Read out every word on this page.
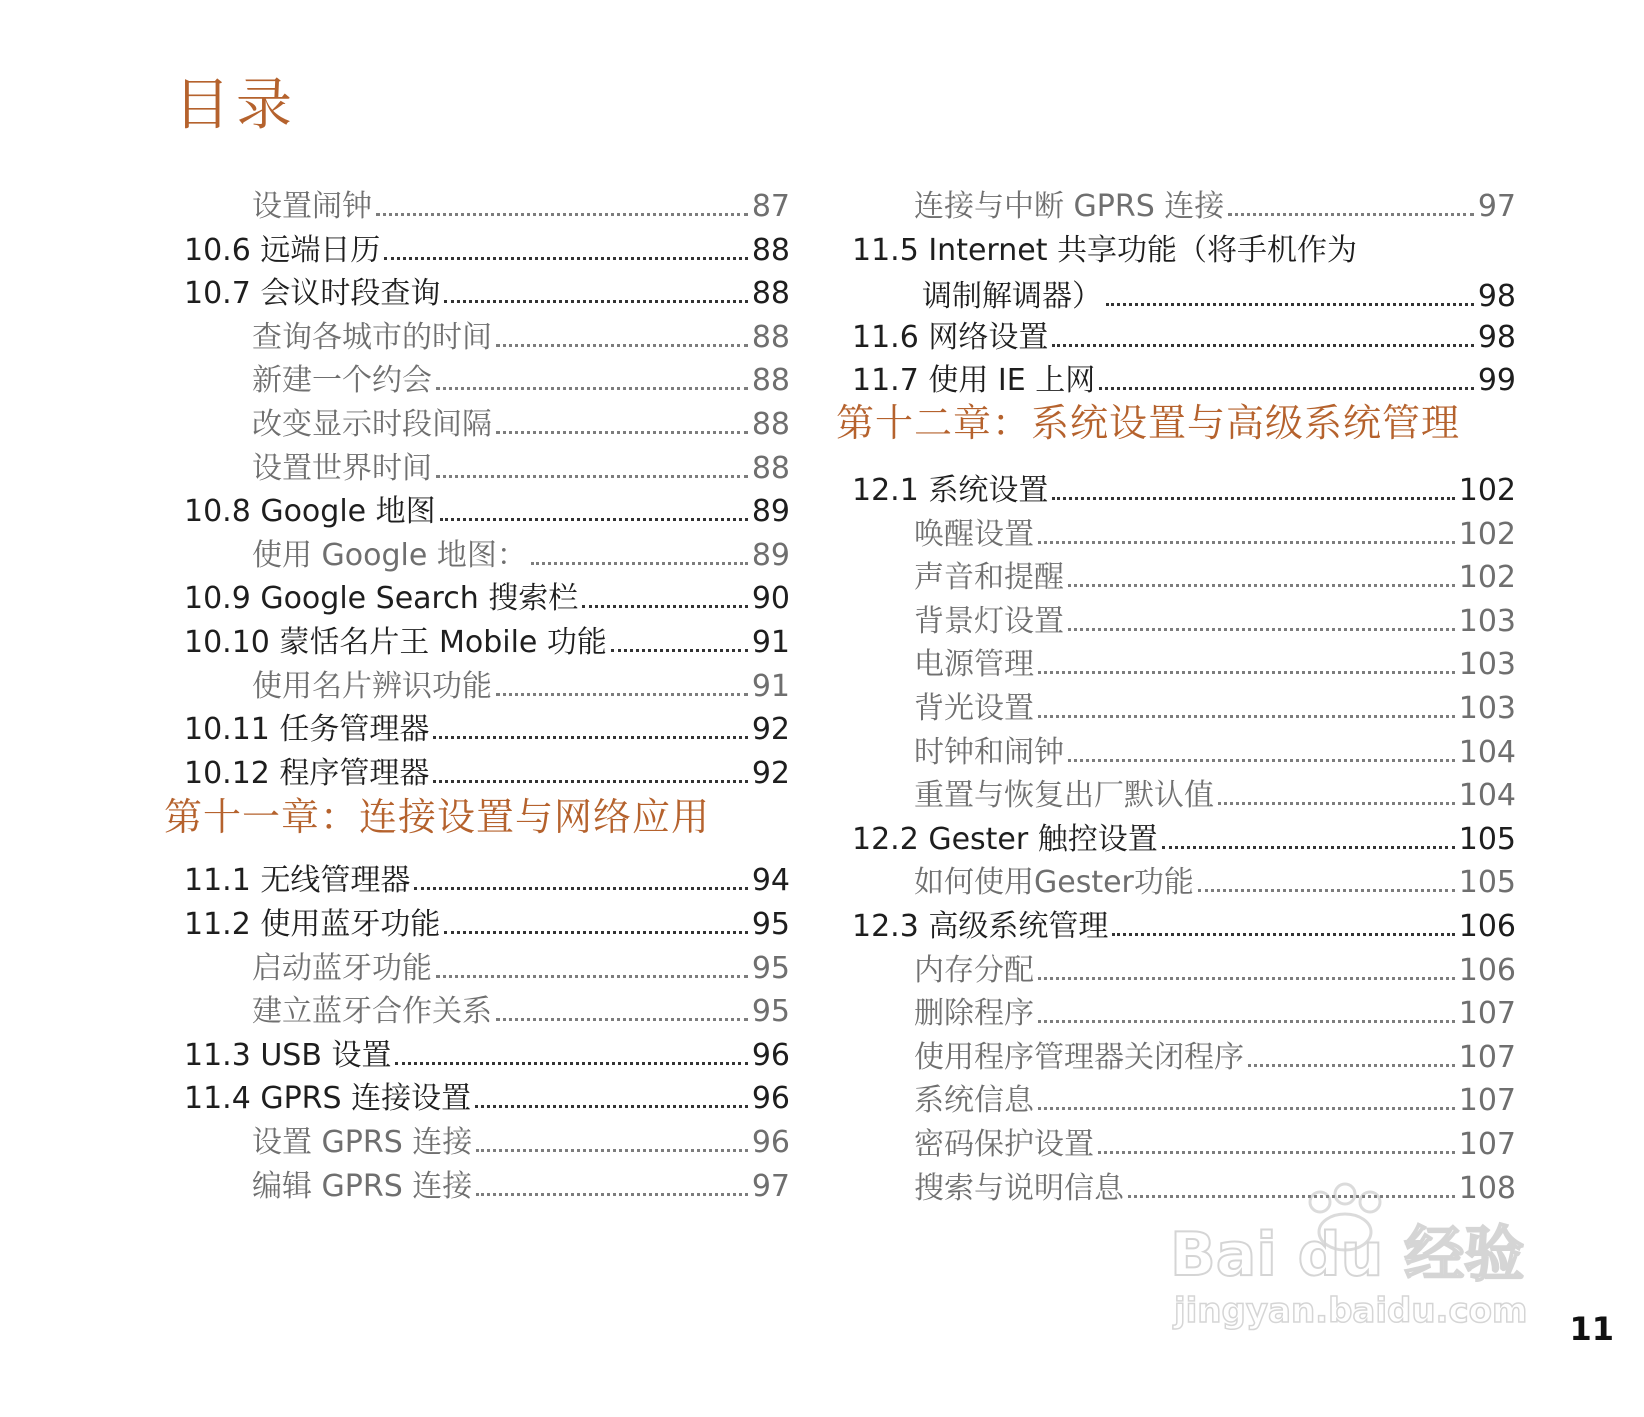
目录
设置闹钟	87
10.6 远端日历	88
10.7 会议时段查询	88
查询各城市的时间	88
新建一个约会	88
改变显示时段间隔	88
设置世界时间	88
10.8 Google 地图	89
使用 Google 地图：	89
10.9 Google Search 搜索栏	90
10.10 蒙恬名片王 Mobile 功能	91
使用名片辨识功能	91
10.11 任务管理器	92
10.12 程序管理器	92
第十一章：连接设置与网络应用
11.1 无线管理器	94
11.2 使用蓝牙功能	95
启动蓝牙功能	95
建立蓝牙合作关系	95
11.3 USB 设置	96
11.4 GPRS 连接设置	96
设置 GPRS 连接	96
编辑 GPRS 连接	97
连接与中断 GPRS 连接	97
11.5 Internet 共享功能（将手机作为
调制解调器）	98
11.6 网络设置	98
11.7 使用 IE 上网	99
第十二章：系统设置与高级系统管理
12.1 系统设置	102
唤醒设置	102
声音和提醒	102
背景灯设置	103
电源管理	103
背光设置	103
时钟和闹钟	104
重置与恢复出厂默认值	104
12.2 Gester 触控设置	105
如何使用Gester功能	105
12.3 高级系统管理	106
内存分配	106
删除程序	107
使用程序管理器关闭程序	107
系统信息	107
密码保护设置	107
搜索与说明信息	108
Bai du 经验
jingyan.baidu.com 11
